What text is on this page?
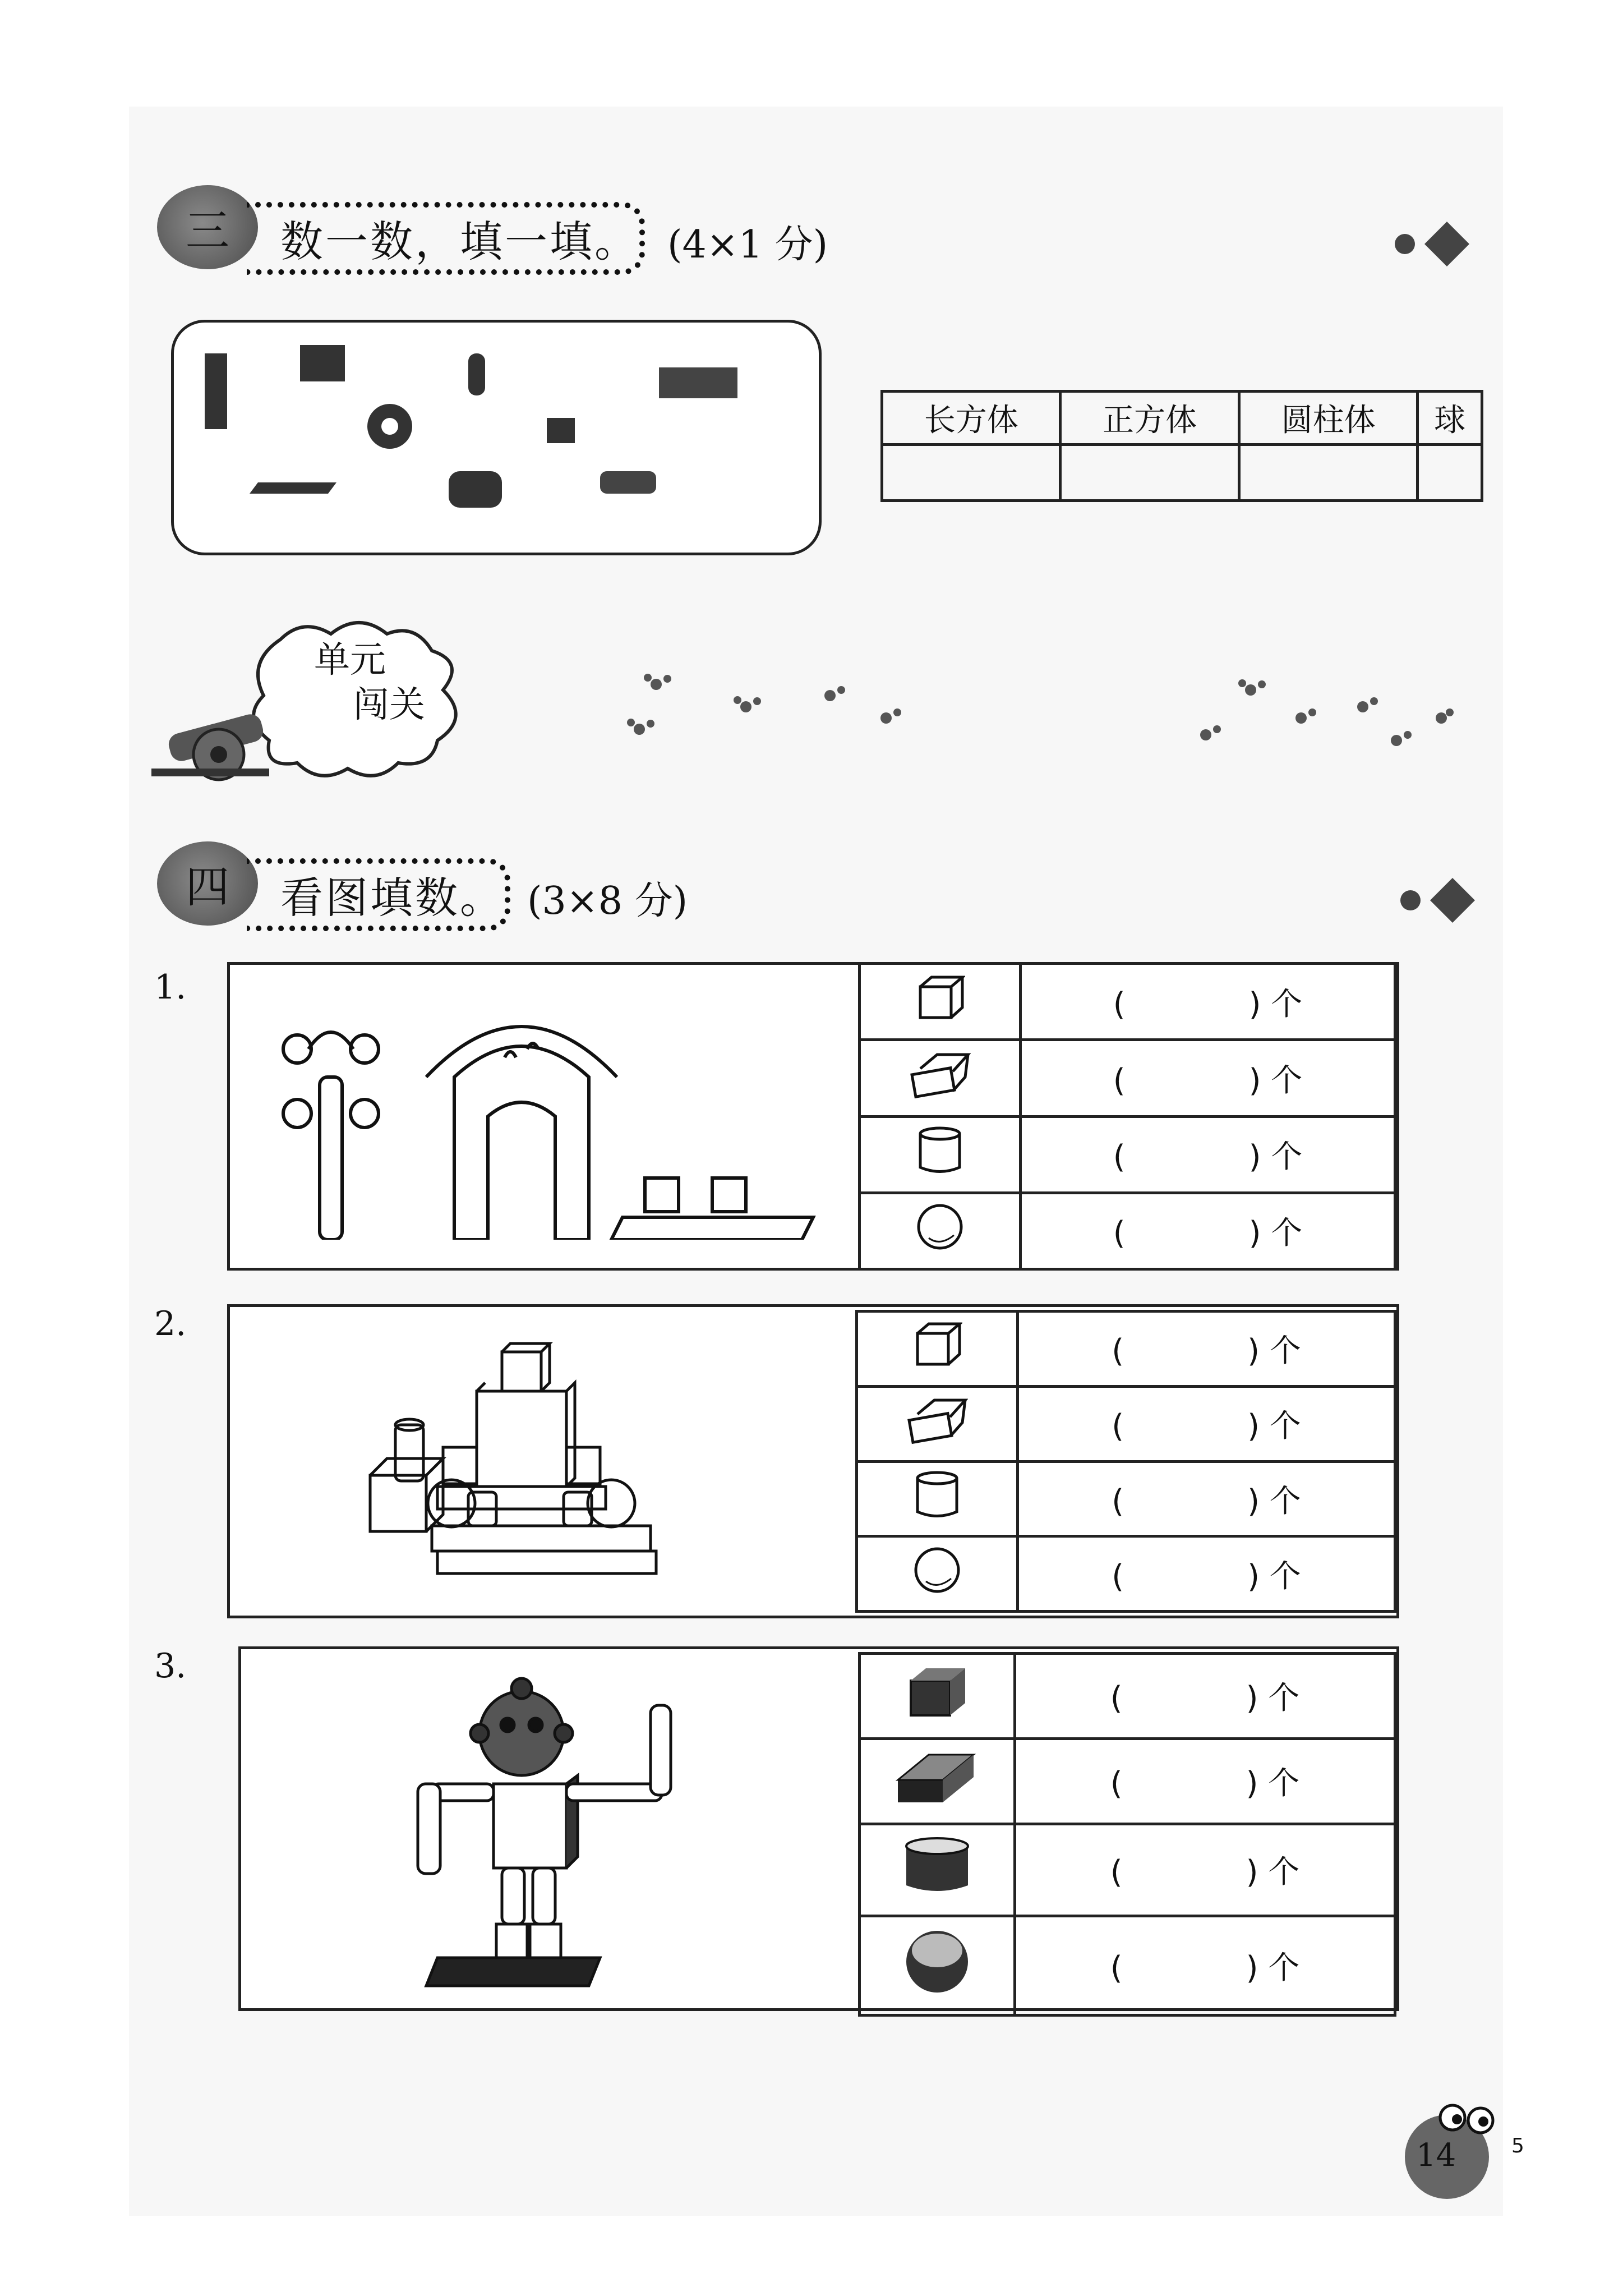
三 数一数，填一填。 (4×1 分)
长方体	正方体	圆柱体	球

单元
闯关
四 看图填数。 (3×8 分)
1.
		( ) 个
	( ) 个
	( ) 个
	( ) 个
2.
	( ) 个
	( ) 个
	( ) 个
	( ) 个
3.
	( ) 个
	( ) 个
	( ) 个
	( ) 个
14	5
